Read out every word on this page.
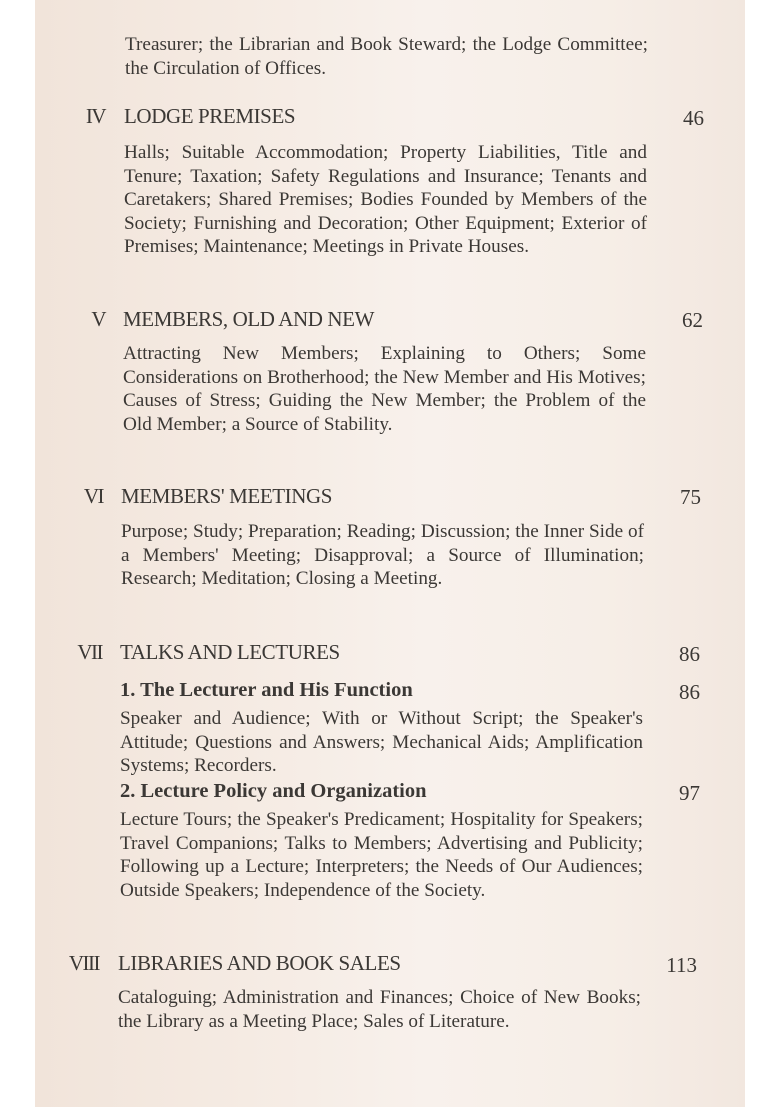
Treasurer; the Librarian and Book Steward; the Lodge Committee; the Circulation of Offices.
IV LODGE PREMISES	46
Halls; Suitable Accommodation; Property Liabilities, Title and Tenure; Taxation; Safety Regulations and Insurance; Tenants and Caretakers; Shared Premises; Bodies Founded by Members of the Society; Furnishing and Decoration; Other Equipment; Exterior of Premises; Maintenance; Meetings in Private Houses.
V MEMBERS, OLD AND NEW	62
Attracting New Members; Explaining to Others; Some Considerations on Brotherhood; the New Member and His Motives; Causes of Stress; Guiding the New Member; the Problem of the Old Member; a Source of Stability.
VI MEMBERS' MEETINGS	75
Purpose; Study; Preparation; Reading; Discussion; the Inner Side of a Members' Meeting; Disapproval; a Source of Illumination; Research; Meditation; Closing a Meeting.
VII TALKS AND LECTURES	86
1. The Lecturer and His Function	86
Speaker and Audience; With or Without Script; the Speaker's Attitude; Questions and Answers; Mechanical Aids; Amplification Systems; Recorders.
2. Lecture Policy and Organization	97
Lecture Tours; the Speaker's Predicament; Hospitality for Speakers; Travel Companions; Talks to Members; Advertising and Publicity; Following up a Lecture; Interpreters; the Needs of Our Audiences; Outside Speakers; Independence of the Society.
VIII LIBRARIES AND BOOK SALES	113
Cataloguing; Administration and Finances; Choice of New Books; the Library as a Meeting Place; Sales of Literature.
